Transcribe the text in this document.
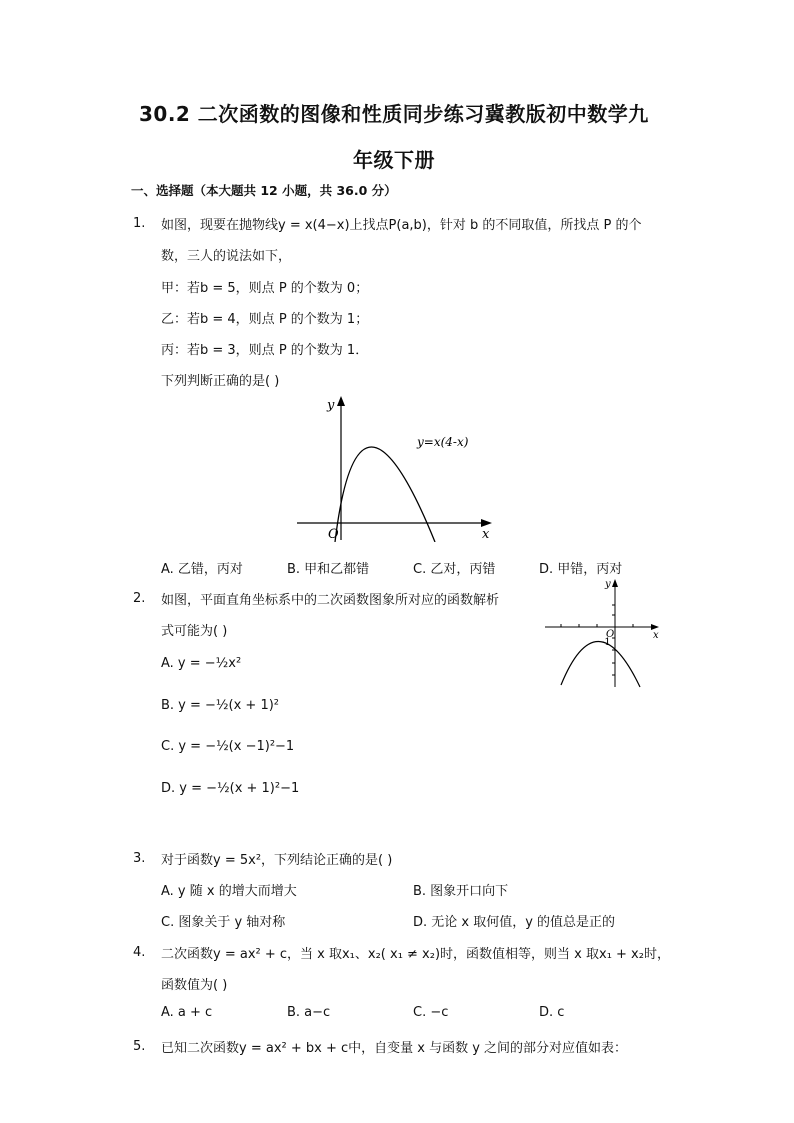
30.2 二次函数的图像和性质同步练习冀教版初中数学九
年级下册
一、选择题（本大题共 12 小题，共 36.0 分）
1. 如图，现要在抛物线y = x(4−x)上找点P(a,b)，针对 b 的不同取值，所找点 P 的个
数，三人的说法如下，
甲：若b = 5，则点 P 的个数为 0；
乙：若b = 4，则点 P 的个数为 1；
丙：若b = 3，则点 P 的个数为 1．
下列判断正确的是( )
y
x
O
y=x(4-x)
A. 乙错，丙对	B. 甲和乙都错	C. 乙对，丙错	D. 甲错，丙对
2. 如图，平面直角坐标系中的二次函数图象所对应的函数解析
式可能为( )
y
x
O
-1
A. y = −½x²
B. y = −½(x + 1)²
C. y = −½(x −1)²−1
D. y = −½(x + 1)²−1
3. 对于函数y = 5x²，下列结论正确的是( )
A. y 随 x 的增大而增大	B. 图象开口向下
C. 图象关于 y 轴对称	D. 无论 x 取何值，y 的值总是正的
4. 二次函数y = ax² + c，当 x 取x₁、x₂( x₁ ≠ x₂)时，函数值相等，则当 x 取x₁ + x₂时，
函数值为( )
A. a + c	B. a−c	C. −c	D. c
5. 已知二次函数y = ax² + bx + c中，自变量 x 与函数 y 之间的部分对应值如表：
